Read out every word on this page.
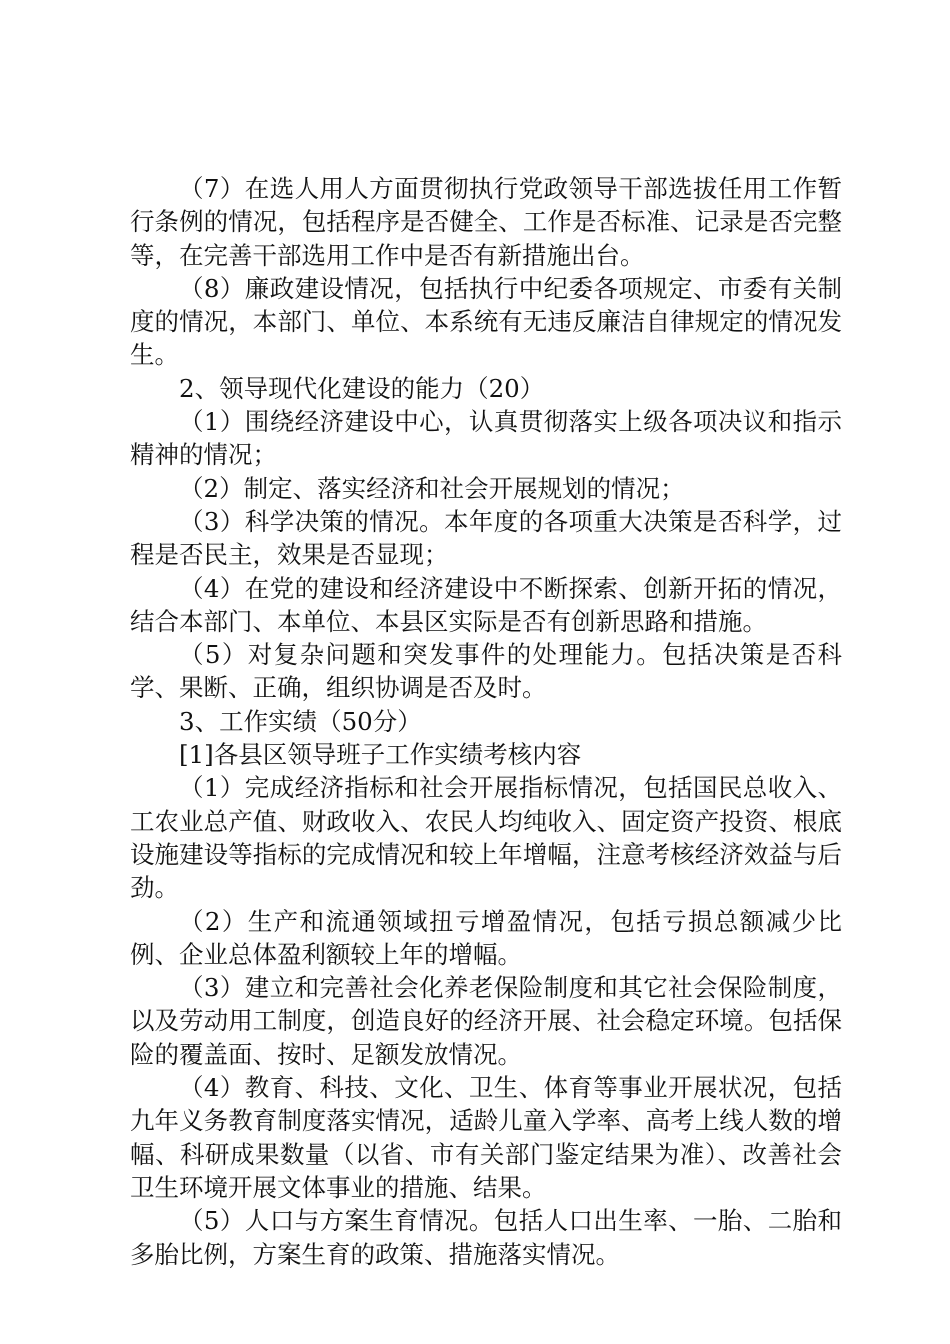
（7）在选人用人方面贯彻执行党政领导干部选拔任用工作暂行条例的情况，包括程序是否健全、工作是否标准、记录是否完整等，在完善干部选用工作中是否有新措施出台。

（8）廉政建设情况，包括执行中纪委各项规定、市委有关制度的情况，本部门、单位、本系统有无违反廉洁自律规定的情况发生。

2、领导现代化建设的能力（20）

（1）围绕经济建设中心，认真贯彻落实上级各项决议和指示精神的情况；

（2）制定、落实经济和社会开展规划的情况；

（3）科学决策的情况。本年度的各项重大决策是否科学，过程是否民主，效果是否显现；

（4）在党的建设和经济建设中不断探索、创新开拓的情况，结合本部门、本单位、本县区实际是否有创新思路和措施。

（5）对复杂问题和突发事件的处理能力。包括决策是否科学、果断、正确，组织协调是否及时。

3、工作实绩（50分）

[1]各县区领导班子工作实绩考核内容

（1）完成经济指标和社会开展指标情况，包括国民总收入、工农业总产值、财政收入、农民人均纯收入、固定资产投资、根底设施建设等指标的完成情况和较上年增幅，注意考核经济效益与后劲。

（2）生产和流通领域扭亏增盈情况，包括亏损总额减少比例、企业总体盈利额较上年的增幅。

（3）建立和完善社会化养老保险制度和其它社会保险制度，以及劳动用工制度，创造良好的经济开展、社会稳定环境。包括保险的覆盖面、按时、足额发放情况。

（4）教育、科技、文化、卫生、体育等事业开展状况，包括九年义务教育制度落实情况，适龄儿童入学率、高考上线人数的增幅、科研成果数量（以省、市有关部门鉴定结果为准）、改善社会卫生环境开展文体事业的措施、结果。

（5）人口与方案生育情况。包括人口出生率、一胎、二胎和多胎比例，方案生育的政策、措施落实情况。
